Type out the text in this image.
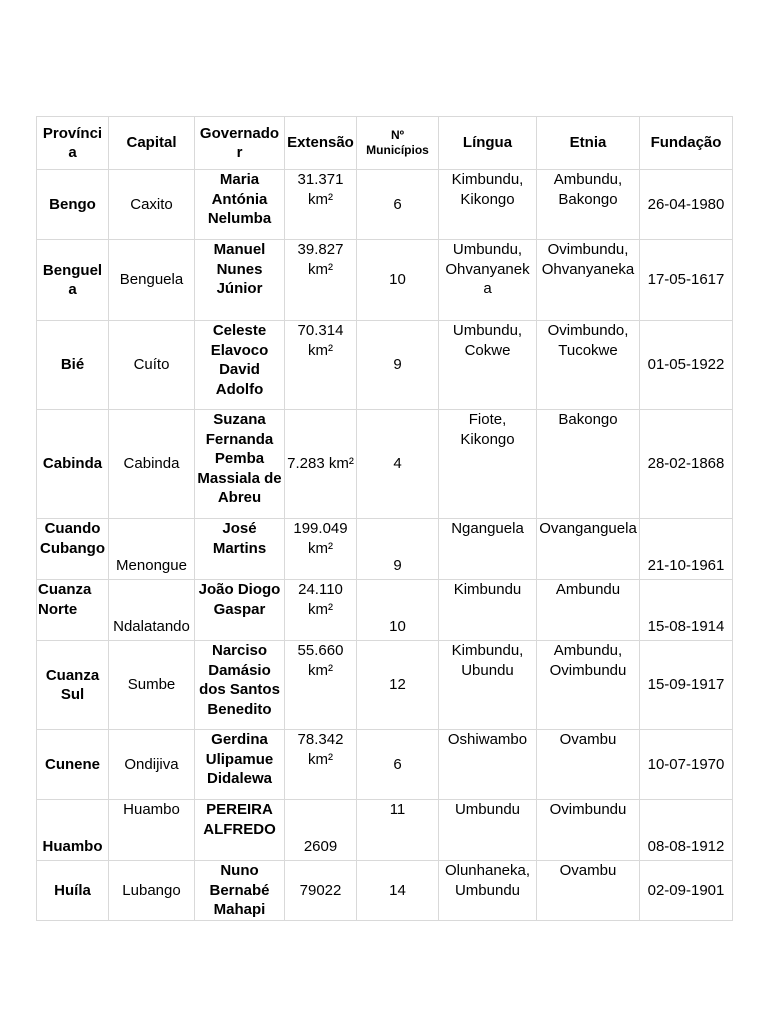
Provínci a	Capital	Governado r	Extensão	Nº Municípios	Língua	Etnia	Fundação
Bengo	Caxito	Maria Antónia Nelumba	31.371 km²	6	Kimbundu, Kikongo	Ambundu, Bakongo	26-04-1980
Benguel a	Benguela	Manuel Nunes Júnior	39.827 km²	10	Umbundu, Ohvanyanek a	Ovimbundu, Ohvanyaneka	17-05-1617
Bié	Cuíto	Celeste Elavoco David Adolfo	70.314 km²	9	Umbundu, Cokwe	Ovimbundo, Tucokwe	01-05-1922
Cabinda	Cabinda	Suzana Fernanda Pemba Massiala de Abreu	7.283 km²	4	Fiote, Kikongo	Bakongo	28-02-1868
Cuando Cubango	Menongue	José Martins	199.049 km²	9	Nganguela	Ovanganguela	21-10-1961
Cuanza Norte	Ndalatando	João Diogo Gaspar	24.110 km²	10	Kimbundu	Ambundu	15-08-1914
Cuanza Sul	Sumbe	Narciso Damásio dos Santos Benedito	55.660 km²	12	Kimbundu, Ubundu	Ambundu, Ovimbundu	15-09-1917
Cunene	Ondijiva	Gerdina Ulipamue Didalewa	78.342 km²	6	Oshiwambo	Ovambu	10-07-1970
Huambo	Huambo	PEREIRA ALFREDO	2609	11	Umbundu	Ovimbundu	08-08-1912
Huíla	Lubango	Nuno Bernabé Mahapi	79022	14	Olunhaneka, Umbundu	Ovambu	02-09-1901
